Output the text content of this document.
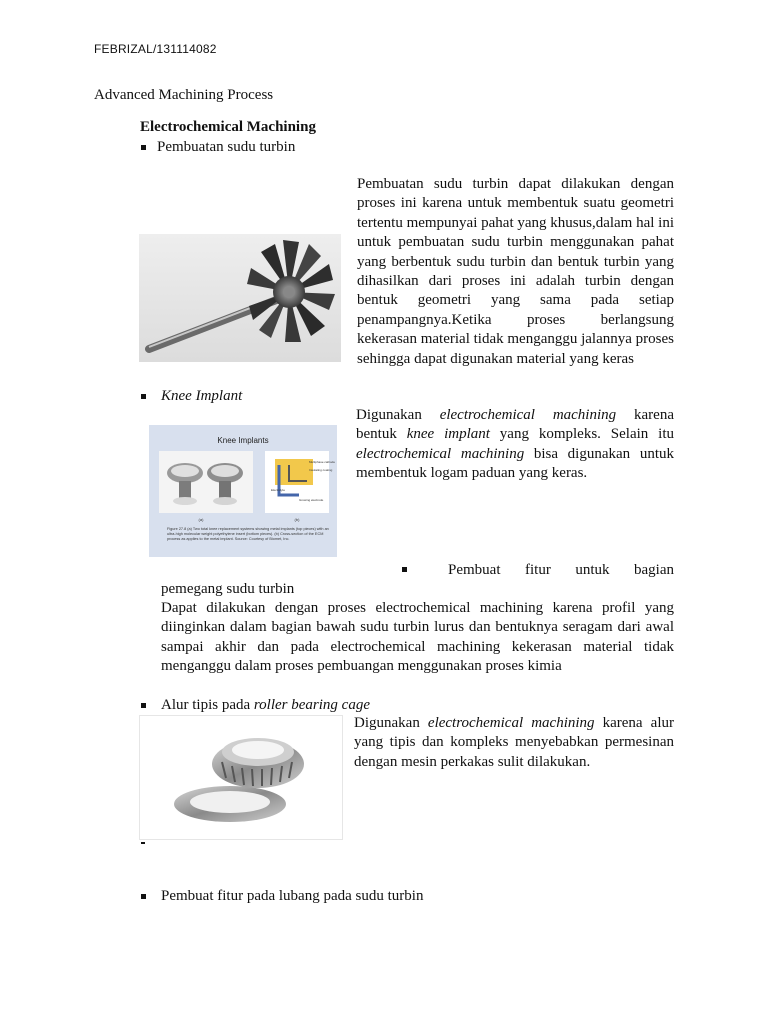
FEBRIZAL/131114082
Advanced Machining Process
Electrochemical Machining
Pembuatan sudu turbin
Pembuatan sudu turbin dapat dilakukan dengan proses ini karena untuk membentuk suatu geometri tertentu mempunyai pahat yang khusus,dalam hal ini untuk pembuatan sudu turbin menggunakan pahat yang berbentuk sudu turbin dan bentuk turbin yang dihasilkan dari proses ini adalah turbin dengan bentuk geometri yang sama pada setiap penampangnya.Ketika proses berlangsung kekerasan material tidak menganggu jalannya proses sehingga dapat digunakan material yang keras
Knee Implant
Knee Implants
Multiphase cathode
Insulating coating
Growing electrode
Electrolyte
(a)	(b)
Figure 27.8 (a) Two total knee replacement systems showing metal implants (top pieces) with an ultra-high molecular weight polyethylene insert (bottom pieces). (b) Cross-section of the ECM process as applies to the metal implant. Source: Courtesy of Biomet, Inc.
Digunakan electrochemical machining karena bentuk knee implant yang kompleks. Selain itu electrochemical machining bisa digunakan untuk membentuk logam paduan yang keras.
Pembuat fitur untuk bagian
pemegang sudu turbin
Dapat dilakukan dengan proses electrochemical machining karena profil yang diinginkan dalam bagian bawah sudu turbin lurus dan bentuknya seragam dari awal sampai akhir dan pada electrochemical machining kekerasan material tidak menganggu dalam proses pembuangan menggunakan proses kimia
Alur tipis pada roller bearing cage
Digunakan electrochemical machining karena alur yang tipis dan kompleks menyebabkan permesinan dengan mesin perkakas sulit dilakukan.
Pembuat fitur pada lubang pada sudu turbin
